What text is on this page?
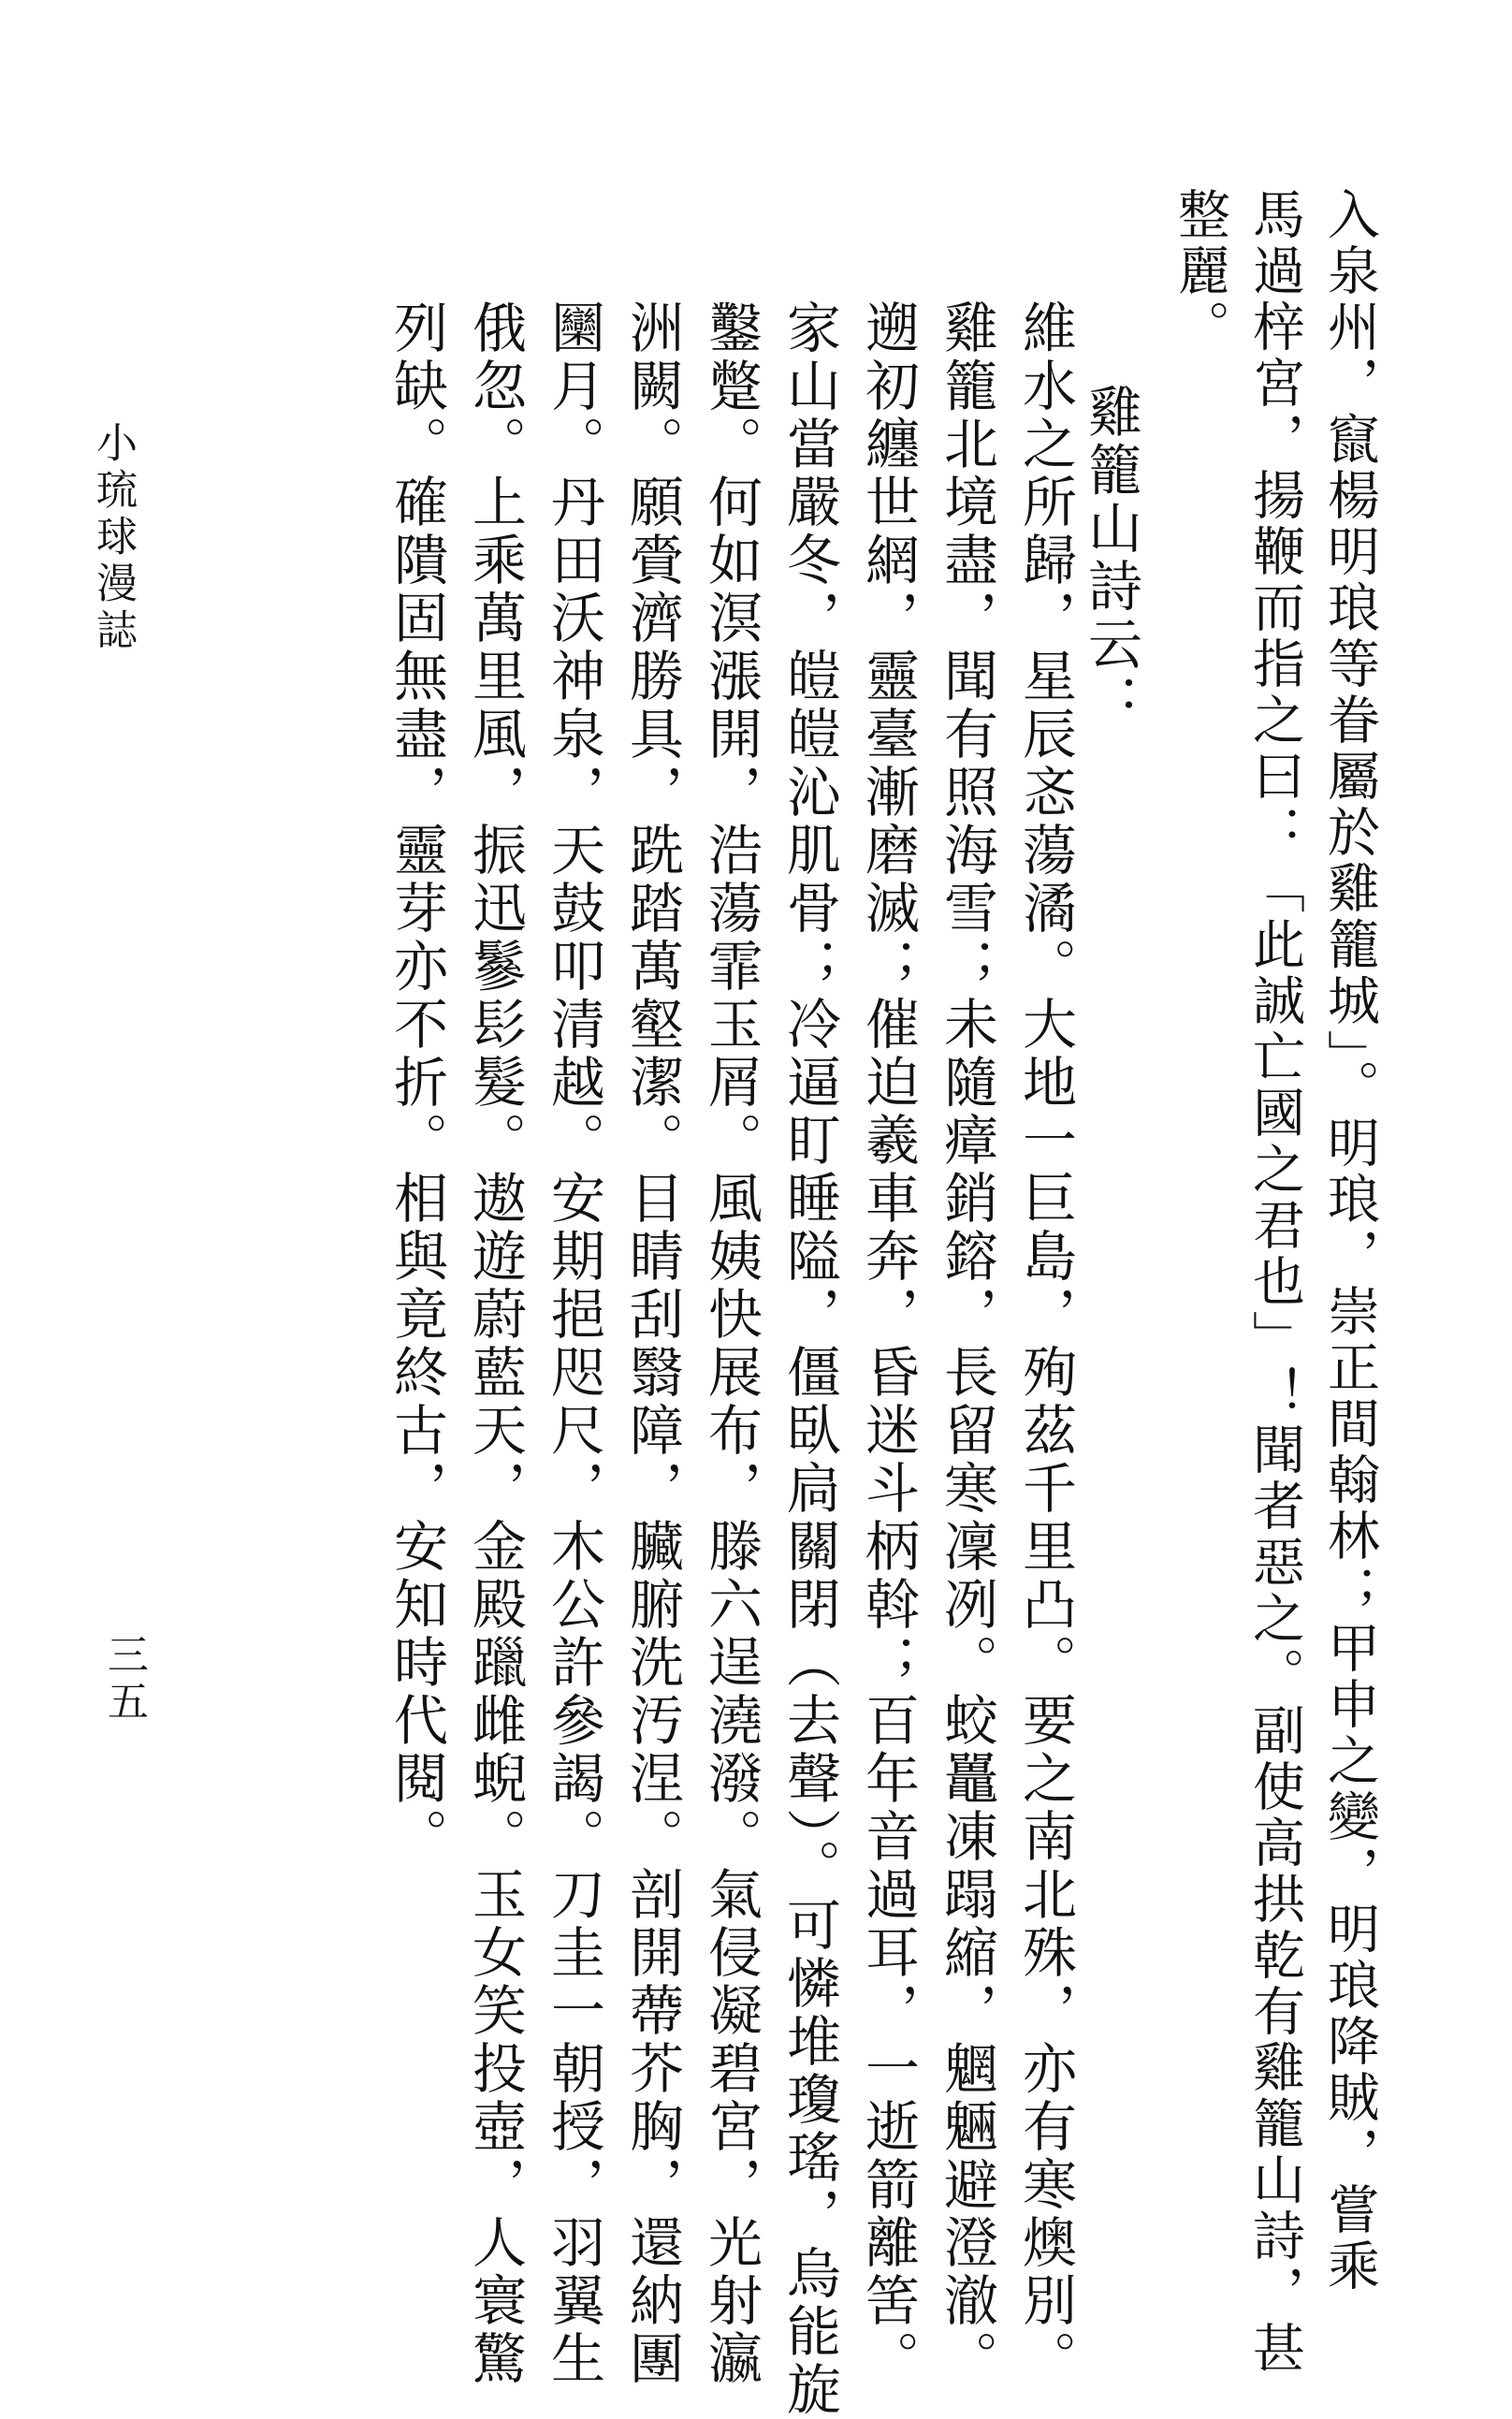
入泉州，竄楊明琅等眷屬於雞籠城」。明琅，崇正間翰林；甲申之變，明琅降賊，嘗乘
馬過梓宮，揚鞭而指之曰：「此誠亡國之君也」！聞者惡之。副使高拱乾有雞籠山詩，甚
整麗。
雞籠山詩云：
維水之所歸，星辰忞蕩潏。大地一巨島，殉茲千里凸。要之南北殊，亦有寒燠別。
雞籠北境盡，聞有照海雪；未隨瘴銷鎔，長留寒凜冽。蛟鼉凍蹋縮，魍魎避澄澈。
遡初纏世網，靈臺漸磨滅；催迫羲車奔，昏迷斗柄斡；百年音過耳，一逝箭離筈。
家山當嚴冬，皚皚沁肌骨；冷逼盯睡隘，僵臥扃關閉（去聲）。可憐堆瓊瑤，烏能旋
鑿蹩。何如溟漲開，浩蕩霏玉屑。風姨快展布，滕六逞澆潑。氣侵凝碧宮，光射瀛
洲闕。願賫濟勝具，跣踏萬壑潔。目睛刮翳障，臟腑洗汚涅。剖開蔕芥胸，還納團
圞月。丹田沃神泉，天鼓叩清越。安期挹咫尺，木公許參謁。刀圭一朝授，羽翼生
俄忽。上乘萬里風，振迅鬖髟髮。遨遊蔚藍天，金殿躐雌蜺。玉女笑投壺，人寰驚
列缺。確隤固無盡，靈芽亦不折。相與竟終古，安知時代閱。
小琉球漫誌
三五
